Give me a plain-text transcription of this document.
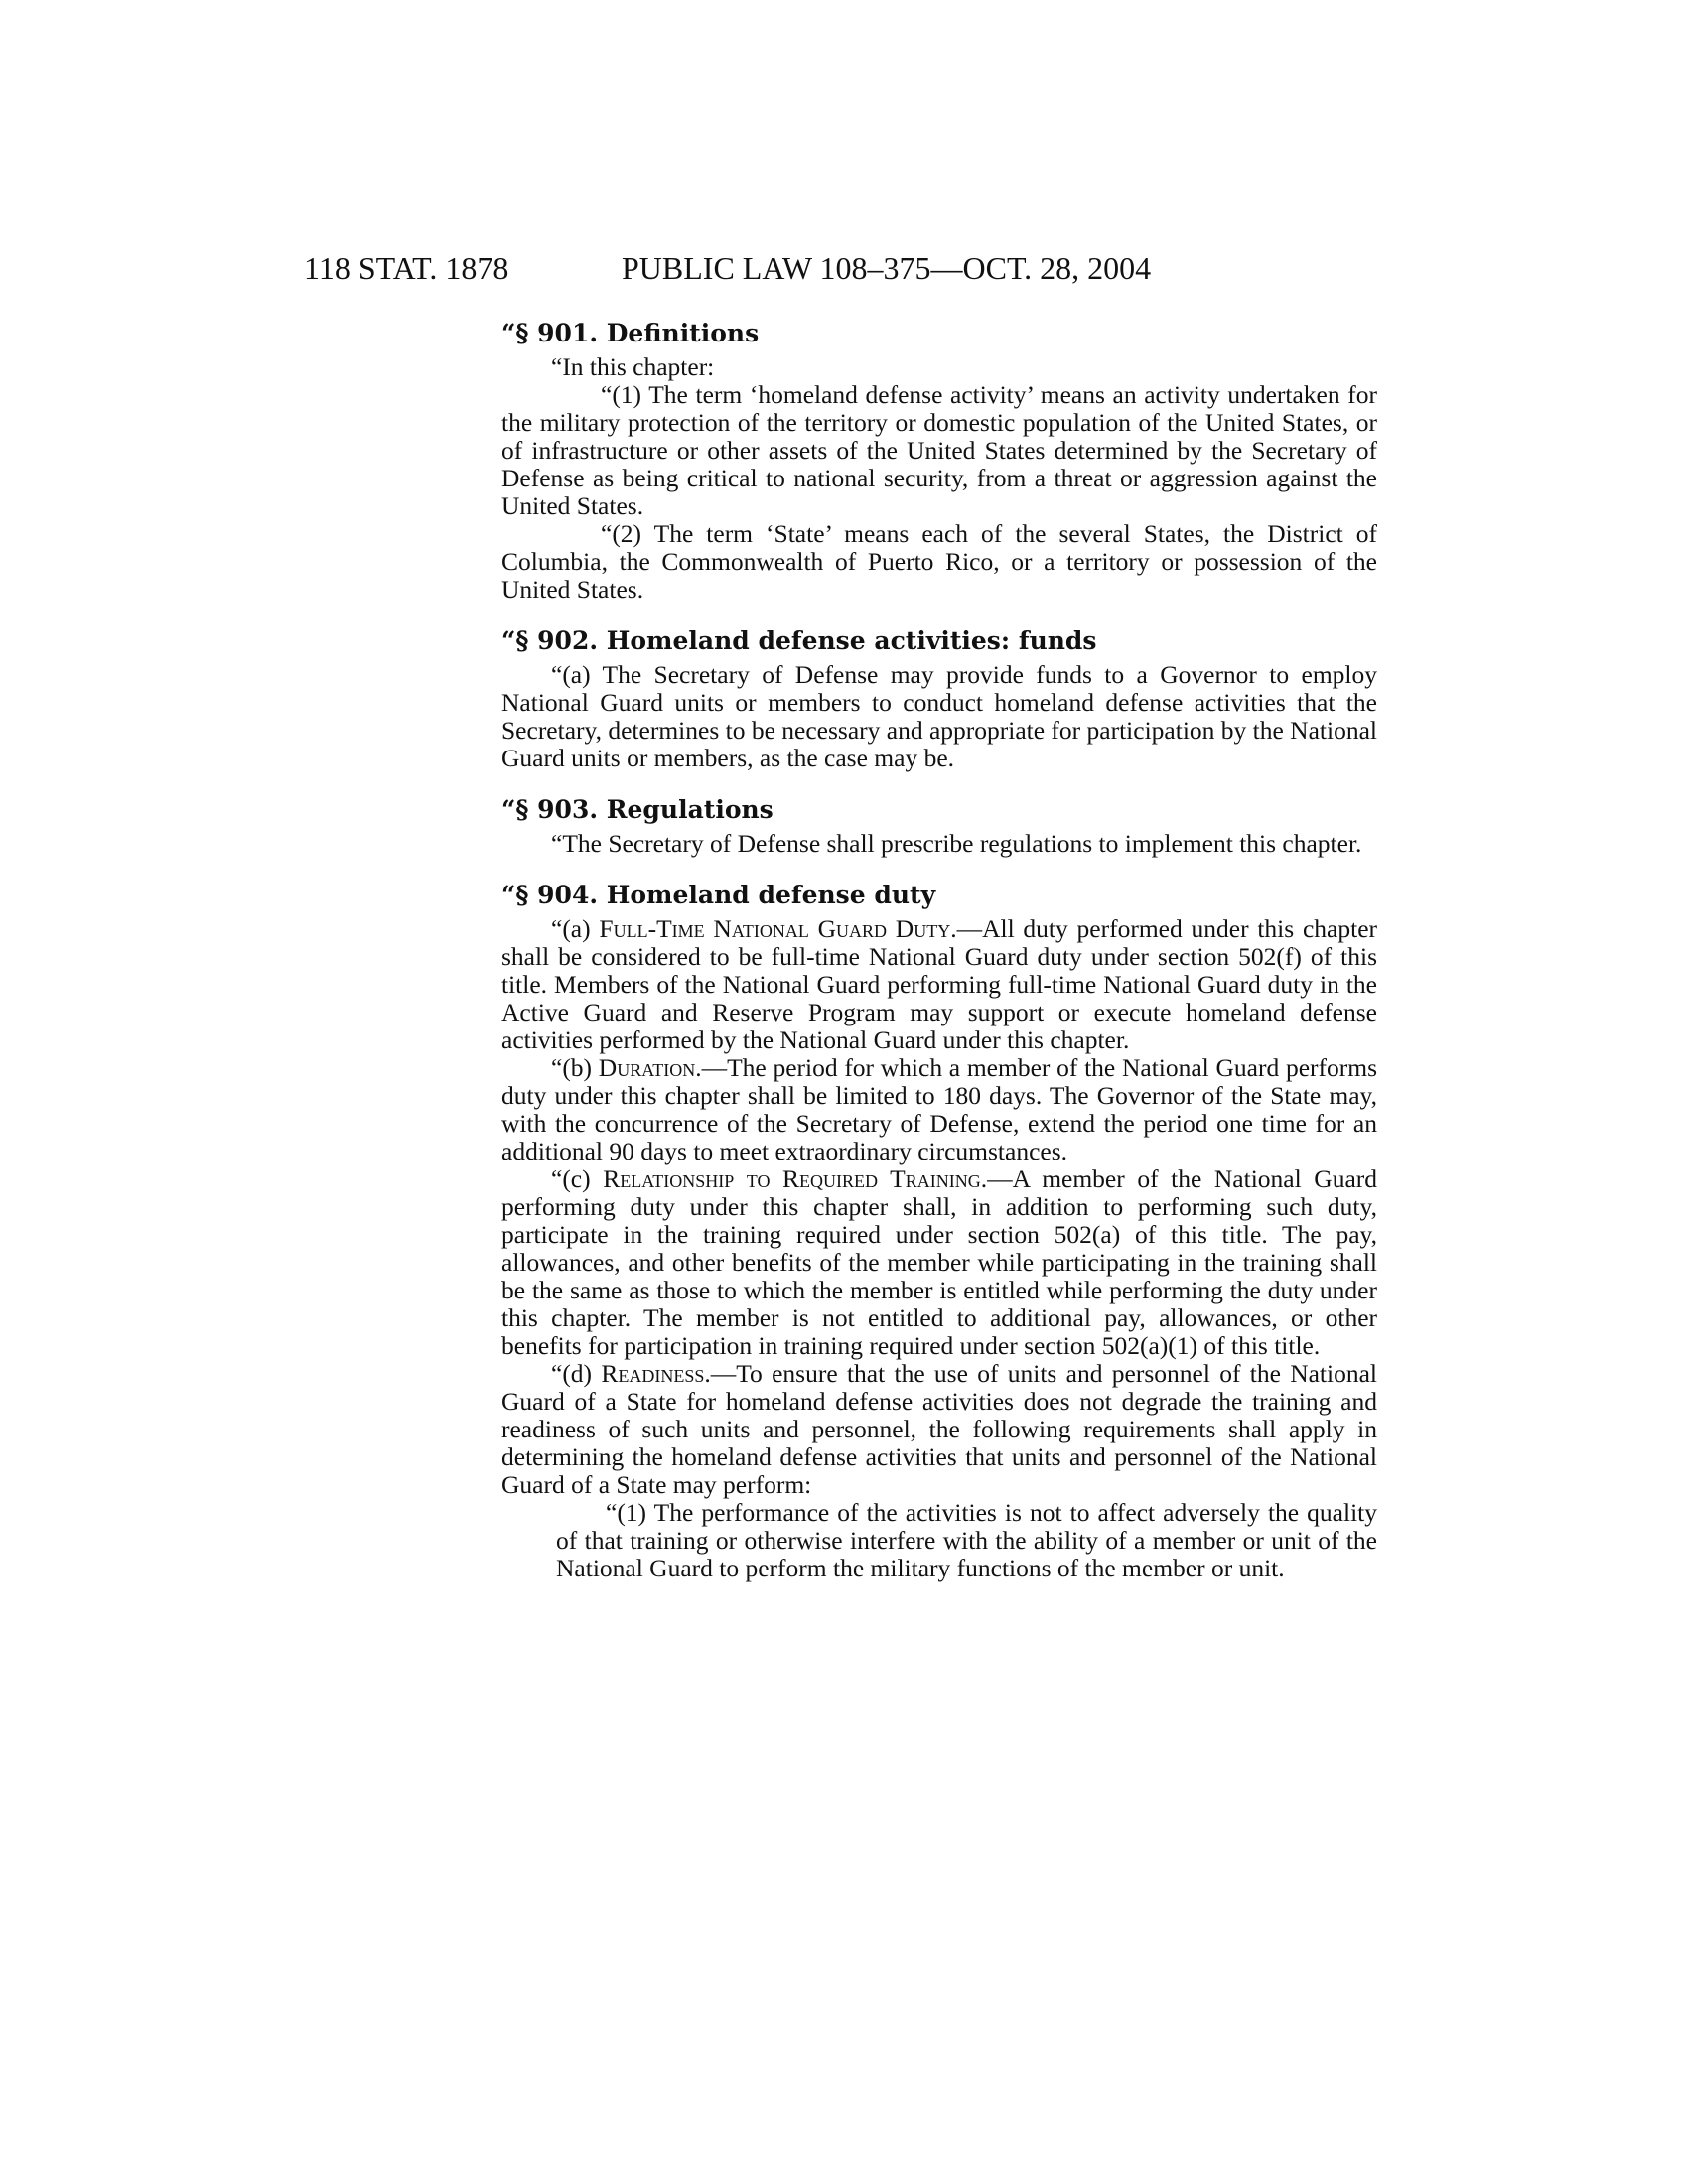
118 STAT. 1878	PUBLIC LAW 108–375—OCT. 28, 2004
“§ 901. Definitions

“In this chapter:

“(1) The term ‘homeland defense activity’ means an activity undertaken for the military protection of the territory or domestic population of the United States, or of infrastructure or other assets of the United States determined by the Secretary of Defense as being critical to national security, from a threat or aggression against the United States.

“(2) The term ‘State’ means each of the several States, the District of Columbia, the Commonwealth of Puerto Rico, or a territory or possession of the United States.

“§ 902. Homeland defense activities: funds

“(a) The Secretary of Defense may provide funds to a Governor to employ National Guard units or members to conduct homeland defense activities that the Secretary, determines to be necessary and appropriate for participation by the National Guard units or members, as the case may be.

“§ 903. Regulations

“The Secretary of Defense shall prescribe regulations to implement this chapter.

“§ 904. Homeland defense duty

“(a) Full-Time National Guard Duty.—All duty performed under this chapter shall be considered to be full-time National Guard duty under section 502(f) of this title. Members of the National Guard performing full-time National Guard duty in the Active Guard and Reserve Program may support or execute homeland defense activities performed by the National Guard under this chapter.

“(b) Duration.—The period for which a member of the National Guard performs duty under this chapter shall be limited to 180 days. The Governor of the State may, with the concurrence of the Secretary of Defense, extend the period one time for an additional 90 days to meet extraordinary circumstances.

“(c) Relationship to Required Training.—A member of the National Guard performing duty under this chapter shall, in addition to performing such duty, participate in the training required under section 502(a) of this title. The pay, allowances, and other benefits of the member while participating in the training shall be the same as those to which the member is entitled while performing the duty under this chapter. The member is not entitled to additional pay, allowances, or other benefits for participation in training required under section 502(a)(1) of this title.

“(d) Readiness.—To ensure that the use of units and personnel of the National Guard of a State for homeland defense activities does not degrade the training and readiness of such units and personnel, the following requirements shall apply in determining the homeland defense activities that units and personnel of the National Guard of a State may perform:

“(1) The performance of the activities is not to affect adversely the quality of that training or otherwise interfere with the ability of a member or unit of the National Guard to perform the military functions of the member or unit.
